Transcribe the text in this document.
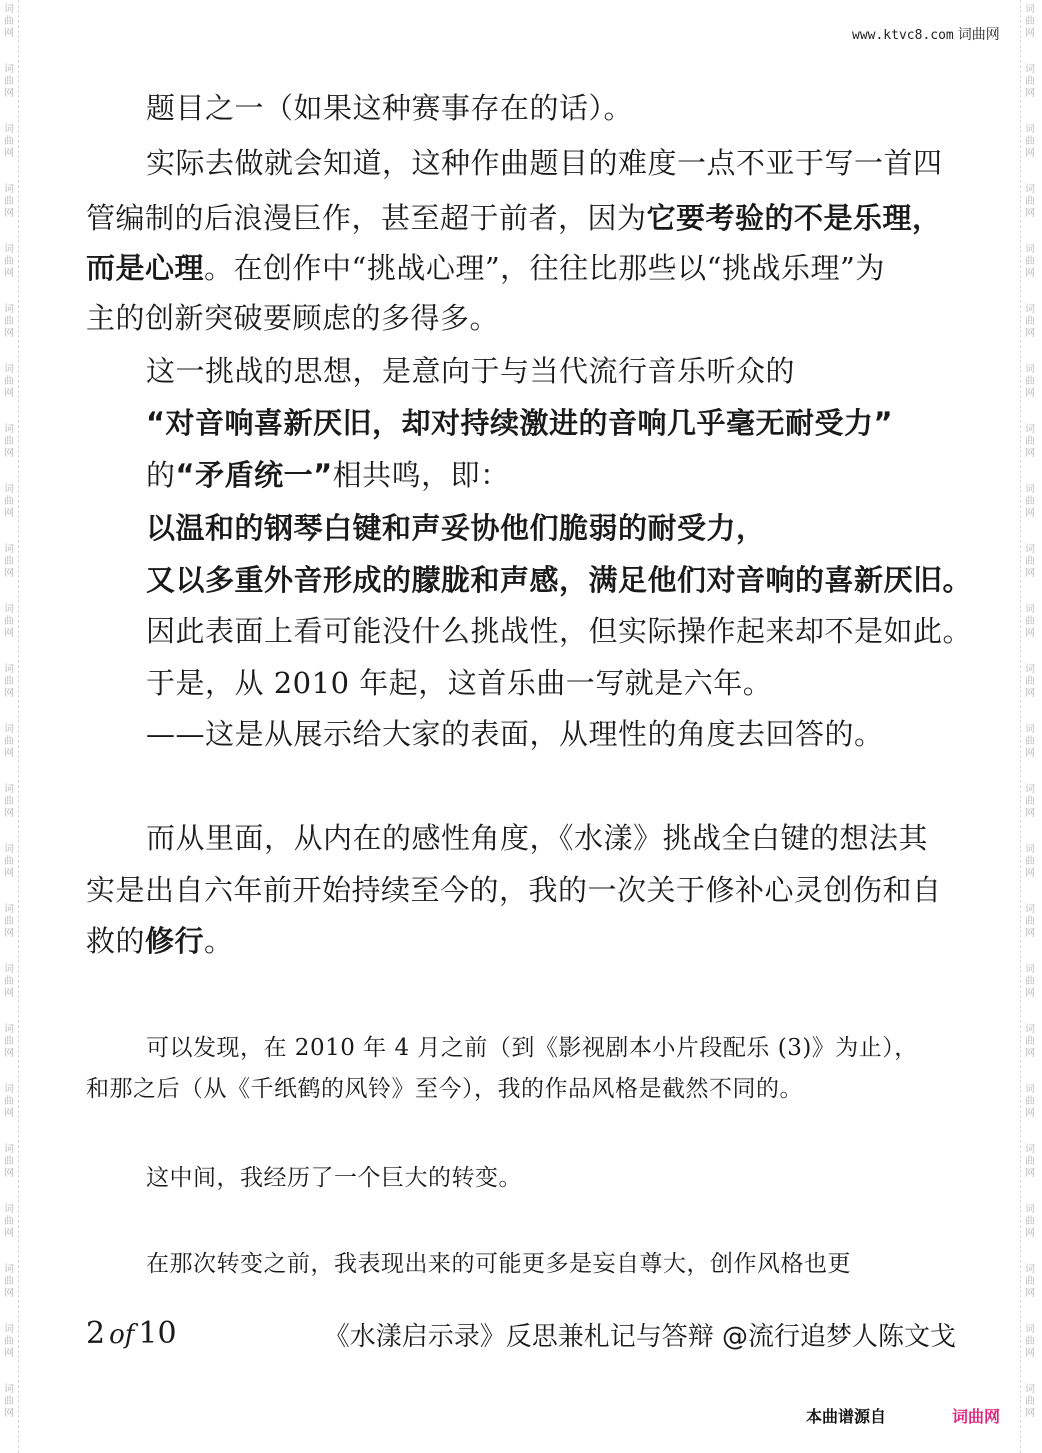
词曲网
词曲网
词曲网
词曲网
词曲网
词曲网
词曲网
词曲网
词曲网
词曲网
词曲网
词曲网
词曲网
词曲网
词曲网
词曲网
词曲网
词曲网
词曲网
词曲网
词曲网
词曲网
词曲网
词曲网
词曲网
词曲网
词曲网
词曲网
词曲网
词曲网
词曲网
词曲网
词曲网
词曲网
词曲网
词曲网
词曲网
词曲网
词曲网
词曲网
词曲网
词曲网
词曲网
词曲网
词曲网
词曲网
词曲网
词曲网
www.ktvc8.com 词曲网
题目之一（如果这种赛事存在的话）。
实际去做就会知道，这种作曲题目的难度一点不亚于写一首四
管编制的后浪漫巨作，甚至超于前者，因为它要考验的不是乐理，
而是心理。在创作中“挑战心理”，往往比那些以“挑战乐理”为
主的创新突破要顾虑的多得多。
这一挑战的思想，是意向于与当代流行音乐听众的
“对音响喜新厌旧，却对持续激进的音响几乎毫无耐受力”
的“矛盾统一”相共鸣，即：
以温和的钢琴白键和声妥协他们脆弱的耐受力，
又以多重外音形成的朦胧和声感，满足他们对音响的喜新厌旧。
因此表面上看可能没什么挑战性，但实际操作起来却不是如此。
于是，从 2010 年起，这首乐曲一写就是六年。
——这是从展示给大家的表面，从理性的角度去回答的。
而从里面，从内在的感性角度，《水漾》挑战全白键的想法其
实是出自六年前开始持续至今的，我的一次关于修补心灵创伤和自
救的修行。
可以发现，在 2010 年 4 月之前（到《影视剧本小片段配乐 (3)》为止），
和那之后（从《千纸鹤的风铃》至今），我的作品风格是截然不同的。
这中间，我经历了一个巨大的转变。
在那次转变之前，我表现出来的可能更多是妄自尊大，创作风格也更
2 of 10	《水漾启示录》反思兼札记与答辩 @流行追梦人陈文戈
本曲谱源自	词曲网
